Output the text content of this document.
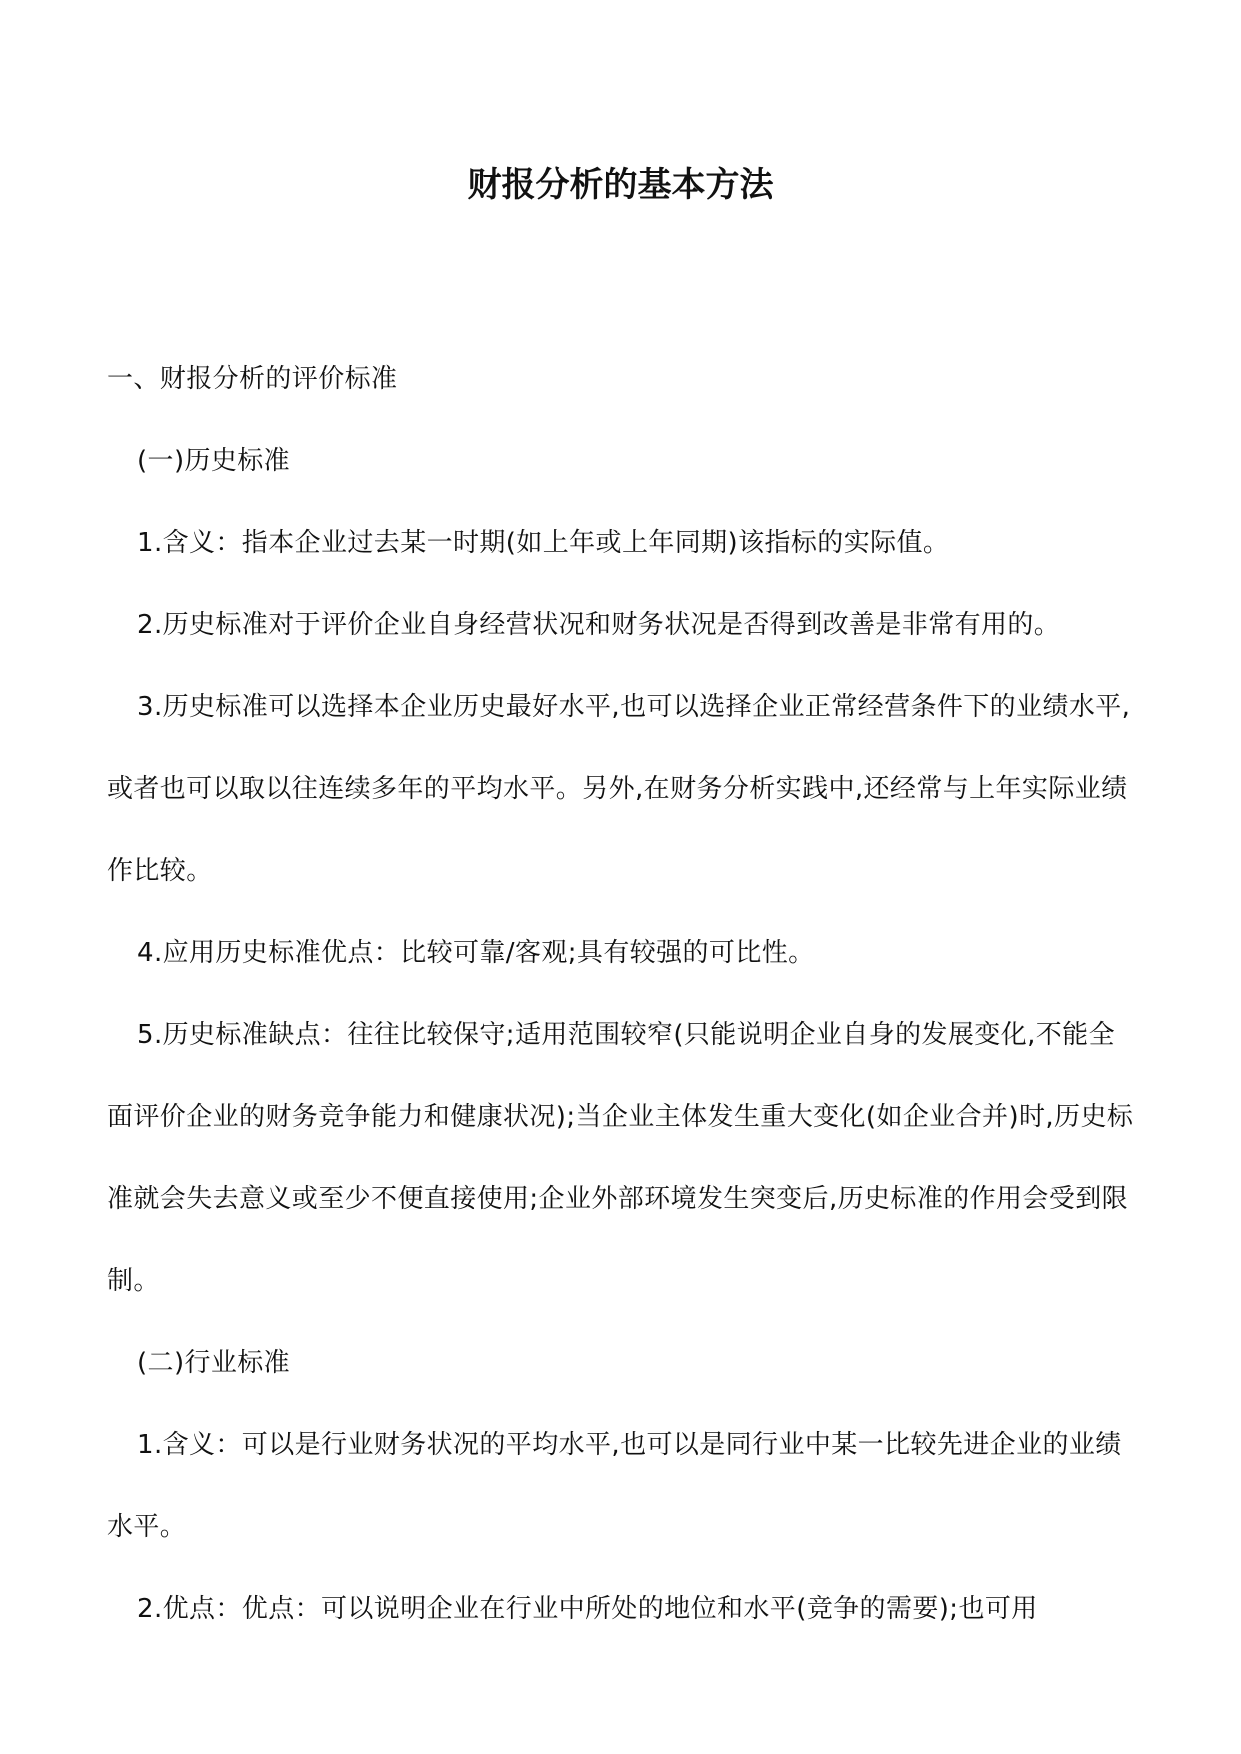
财报分析的基本方法

一、财报分析的评价标准

(一)历史标准

1.含义：指本企业过去某一时期(如上年或上年同期)该指标的实际值。

2.历史标准对于评价企业自身经营状况和财务状况是否得到改善是非常有用的。

3.历史标准可以选择本企业历史最好水平,也可以选择企业正常经营条件下的业绩水平,或者也可以取以往连续多年的平均水平。另外,在财务分析实践中,还经常与上年实际业绩作比较。

4.应用历史标准优点：比较可靠/客观;具有较强的可比性。

5.历史标准缺点：往往比较保守;适用范围较窄(只能说明企业自身的发展变化,不能全面评价企业的财务竞争能力和健康状况);当企业主体发生重大变化(如企业合并)时,历史标准就会失去意义或至少不便直接使用;企业外部环境发生突变后,历史标准的作用会受到限制。

(二)行业标准

1.含义：可以是行业财务状况的平均水平,也可以是同行业中某一比较先进企业的业绩水平。

2.优点：优点：可以说明企业在行业中所处的地位和水平(竞争的需要);也可用
